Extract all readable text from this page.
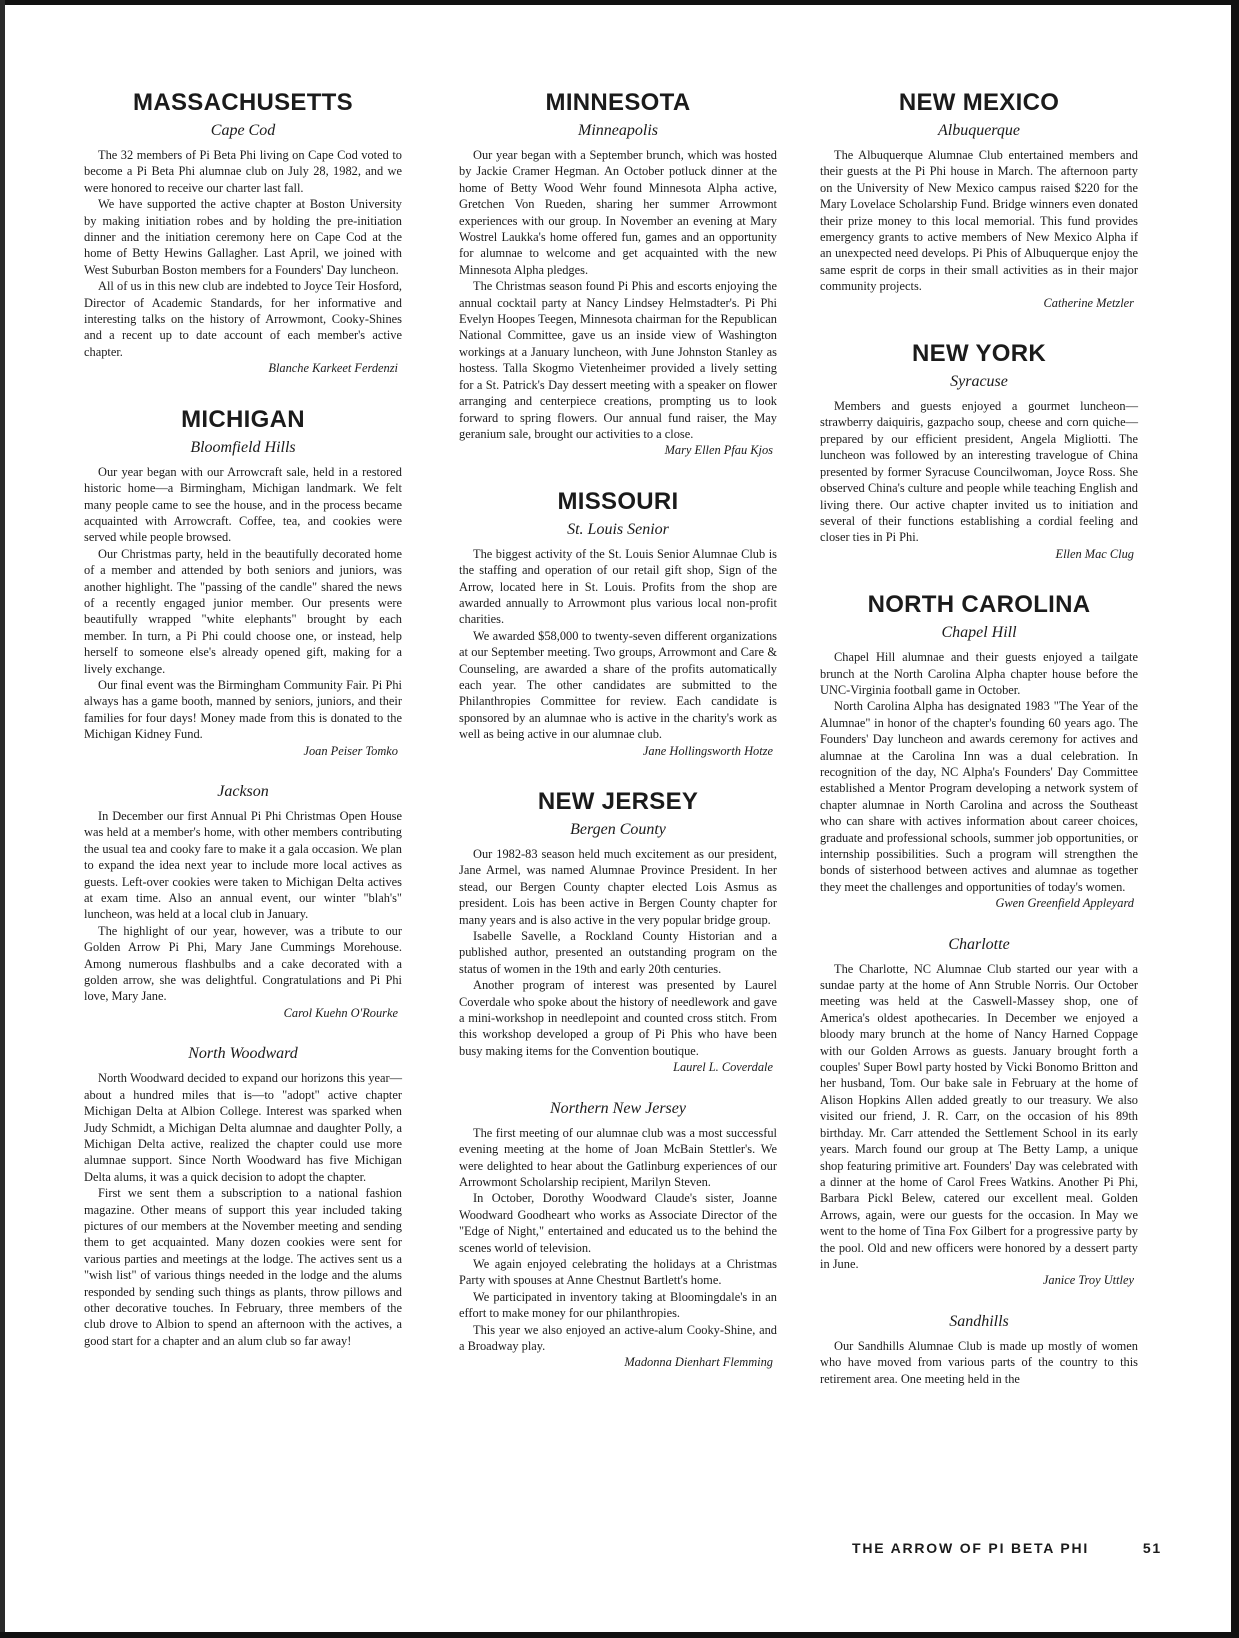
MASSACHUSETTS
Cape Cod

The 32 members of Pi Beta Phi living on Cape Cod voted to become a Pi Beta Phi alumnae club on July 28, 1982, and we were honored to receive our charter last fall.

We have supported the active chapter at Boston University by making initiation robes and by holding the pre-initiation dinner and the initiation ceremony here on Cape Cod at the home of Betty Hewins Gallagher. Last April, we joined with West Suburban Boston members for a Founders' Day luncheon.

All of us in this new club are indebted to Joyce Teir Hosford, Director of Academic Standards, for her informative and interesting talks on the history of Arrowmont, Cooky-Shines and a recent up to date account of each member's active chapter.

Blanche Karkeet Ferdenzi
MICHIGAN
Bloomfield Hills

Our year began with our Arrowcraft sale, held in a restored historic home—a Birmingham, Michigan landmark. We felt many people came to see the house, and in the process became acquainted with Arrowcraft. Coffee, tea, and cookies were served while people browsed.

Our Christmas party, held in the beautifully decorated home of a member and attended by both seniors and juniors, was another highlight. The "passing of the candle" shared the news of a recently engaged junior member. Our presents were beautifully wrapped "white elephants" brought by each member. In turn, a Pi Phi could choose one, or instead, help herself to someone else's already opened gift, making for a lively exchange.

Our final event was the Birmingham Community Fair. Pi Phi always has a game booth, manned by seniors, juniors, and their families for four days! Money made from this is donated to the Michigan Kidney Fund.

Joan Peiser Tomko
Jackson

In December our first Annual Pi Phi Christmas Open House was held at a member's home, with other members contributing the usual tea and cooky fare to make it a gala occasion. We plan to expand the idea next year to include more local actives as guests. Left-over cookies were taken to Michigan Delta actives at exam time. Also an annual event, our winter "blah's" luncheon, was held at a local club in January.

The highlight of our year, however, was a tribute to our Golden Arrow Pi Phi, Mary Jane Cummings Morehouse. Among numerous flashbulbs and a cake decorated with a golden arrow, she was delightful. Congratulations and Pi Phi love, Mary Jane.

Carol Kuehn O'Rourke
North Woodward

North Woodward decided to expand our horizons this year—about a hundred miles that is—to "adopt" active chapter Michigan Delta at Albion College. Interest was sparked when Judy Schmidt, a Michigan Delta alumnae and daughter Polly, a Michigan Delta active, realized the chapter could use more alumnae support. Since North Woodward has five Michigan Delta alums, it was a quick decision to adopt the chapter.

First we sent them a subscription to a national fashion magazine. Other means of support this year included taking pictures of our members at the November meeting and sending them to get acquainted. Many dozen cookies were sent for various parties and meetings at the lodge. The actives sent us a "wish list" of various things needed in the lodge and the alums responded by sending such things as plants, throw pillows and other decorative touches. In February, three members of the club drove to Albion to spend an afternoon with the actives, a good start for a chapter and an alum club so far away!

MINNESOTA
Minneapolis

Our year began with a September brunch, which was hosted by Jackie Cramer Hegman. An October potluck dinner at the home of Betty Wood Wehr found Minnesota Alpha active, Gretchen Von Rueden, sharing her summer Arrowmont experiences with our group. In November an evening at Mary Wostrel Laukka's home offered fun, games and an opportunity for alumnae to welcome and get acquainted with the new Minnesota Alpha pledges.

The Christmas season found Pi Phis and escorts enjoying the annual cocktail party at Nancy Lindsey Helmstadter's. Pi Phi Evelyn Hoopes Teegen, Minnesota chairman for the Republican National Committee, gave us an inside view of Washington workings at a January luncheon, with June Johnston Stanley as hostess. Talla Skogmo Vietenheimer provided a lively setting for a St. Patrick's Day dessert meeting with a speaker on flower arranging and centerpiece creations, prompting us to look forward to spring flowers. Our annual fund raiser, the May geranium sale, brought our activities to a close.

Mary Ellen Pfau Kjos
MISSOURI
St. Louis Senior

The biggest activity of the St. Louis Senior Alumnae Club is the staffing and operation of our retail gift shop, Sign of the Arrow, located here in St. Louis. Profits from the shop are awarded annually to Arrowmont plus various local non-profit charities.

We awarded $58,000 to twenty-seven different organizations at our September meeting. Two groups, Arrowmont and Care & Counseling, are awarded a share of the profits automatically each year. The other candidates are submitted to the Philanthropies Committee for review. Each candidate is sponsored by an alumnae who is active in the charity's work as well as being active in our alumnae club.

Jane Hollingsworth Hotze
NEW JERSEY
Bergen County

Our 1982-83 season held much excitement as our president, Jane Armel, was named Alumnae Province President. In her stead, our Bergen County chapter elected Lois Asmus as president. Lois has been active in Bergen County chapter for many years and is also active in the very popular bridge group.

Isabelle Savelle, a Rockland County Historian and a published author, presented an outstanding program on the status of women in the 19th and early 20th centuries.

Another program of interest was presented by Laurel Coverdale who spoke about the history of needlework and gave a mini-workshop in needlepoint and counted cross stitch. From this workshop developed a group of Pi Phis who have been busy making items for the Convention boutique.

Laurel L. Coverdale
Northern New Jersey

The first meeting of our alumnae club was a most successful evening meeting at the home of Joan McBain Stettler's. We were delighted to hear about the Gatlinburg experiences of our Arrowmont Scholarship recipient, Marilyn Steven.

In October, Dorothy Woodward Claude's sister, Joanne Woodward Goodheart who works as Associate Director of the "Edge of Night," entertained and educated us to the behind the scenes world of television.

We again enjoyed celebrating the holidays at a Christmas Party with spouses at Anne Chestnut Bartlett's home.

We participated in inventory taking at Bloomingdale's in an effort to make money for our philanthropies.

This year we also enjoyed an active-alum Cooky-Shine, and a Broadway play.

Madonna Dienhart Flemming
NEW MEXICO
Albuquerque

The Albuquerque Alumnae Club entertained members and their guests at the Pi Phi house in March. The afternoon party on the University of New Mexico campus raised $220 for the Mary Lovelace Scholarship Fund. Bridge winners even donated their prize money to this local memorial. This fund provides emergency grants to active members of New Mexico Alpha if an unexpected need develops. Pi Phis of Albuquerque enjoy the same esprit de corps in their small activities as in their major community projects.

Catherine Metzler
NEW YORK
Syracuse

Members and guests enjoyed a gourmet luncheon—strawberry daiquiris, gazpacho soup, cheese and corn quiche—prepared by our efficient president, Angela Migliotti. The luncheon was followed by an interesting travelogue of China presented by former Syracuse Councilwoman, Joyce Ross. She observed China's culture and people while teaching English and living there. Our active chapter invited us to initiation and several of their functions establishing a cordial feeling and closer ties in Pi Phi.

Ellen Mac Clug
NORTH CAROLINA
Chapel Hill

Chapel Hill alumnae and their guests enjoyed a tailgate brunch at the North Carolina Alpha chapter house before the UNC-Virginia football game in October.

North Carolina Alpha has designated 1983 "The Year of the Alumnae" in honor of the chapter's founding 60 years ago. The Founders' Day luncheon and awards ceremony for actives and alumnae at the Carolina Inn was a dual celebration. In recognition of the day, NC Alpha's Founders' Day Committee established a Mentor Program developing a network system of chapter alumnae in North Carolina and across the Southeast who can share with actives information about career choices, graduate and professional schools, summer job opportunities, or internship possibilities. Such a program will strengthen the bonds of sisterhood between actives and alumnae as together they meet the challenges and opportunities of today's women.

Gwen Greenfield Appleyard
Charlotte

The Charlotte, NC Alumnae Club started our year with a sundae party at the home of Ann Struble Norris. Our October meeting was held at the Caswell-Massey shop, one of America's oldest apothecaries. In December we enjoyed a bloody mary brunch at the home of Nancy Harned Coppage with our Golden Arrows as guests. January brought forth a couples' Super Bowl party hosted by Vicki Bonomo Britton and her husband, Tom. Our bake sale in February at the home of Alison Hopkins Allen added greatly to our treasury. We also visited our friend, J. R. Carr, on the occasion of his 89th birthday. Mr. Carr attended the Settlement School in its early years. March found our group at The Betty Lamp, a unique shop featuring primitive art. Founders' Day was celebrated with a dinner at the home of Carol Frees Watkins. Another Pi Phi, Barbara Pickl Belew, catered our excellent meal. Golden Arrows, again, were our guests for the occasion. In May we went to the home of Tina Fox Gilbert for a progressive party by the pool. Old and new officers were honored by a dessert party in June.

Janice Troy Uttley
Sandhills

Our Sandhills Alumnae Club is made up mostly of women who have moved from various parts of the country to this retirement area. One meeting held in the

THE ARROW OF PI BETA PHI	51
